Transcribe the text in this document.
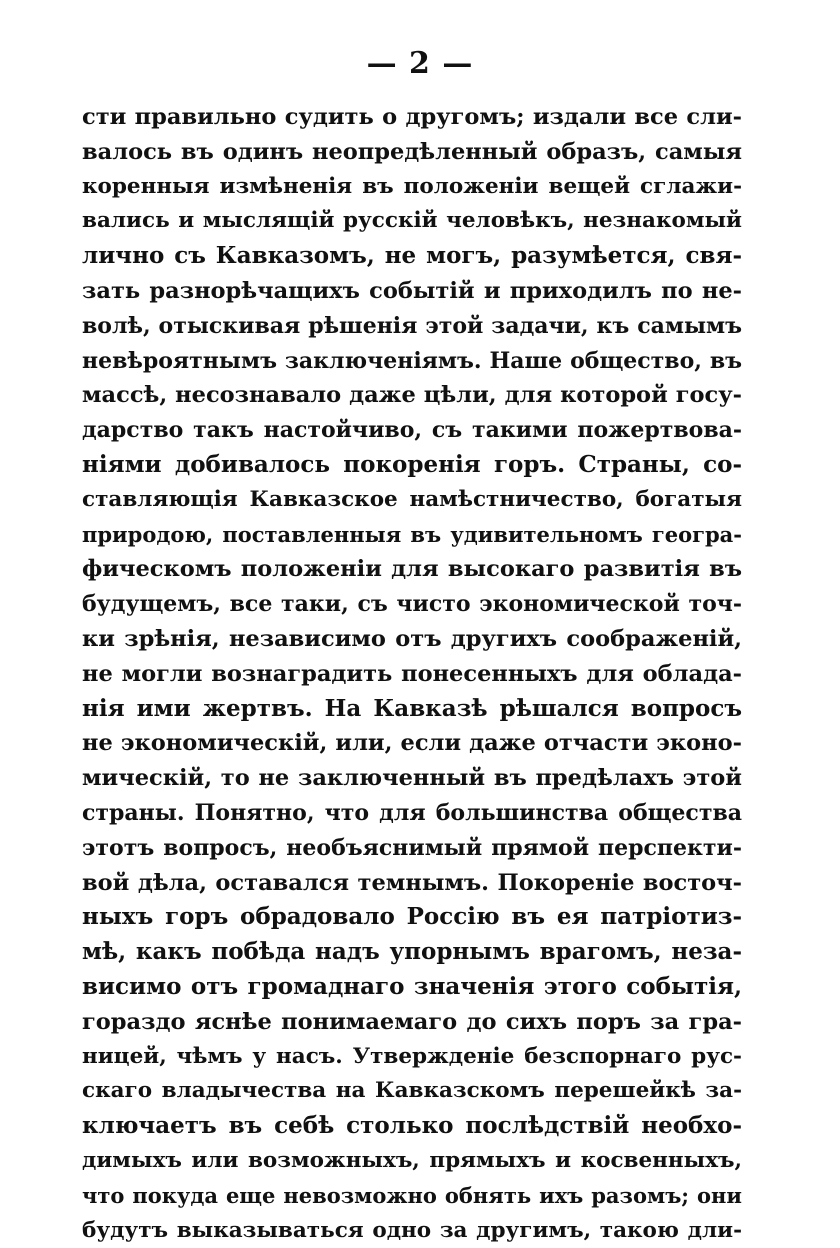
— 2 —
сти правильно судить о другомъ; издали все сли-
валось въ одинъ неопредѣленный образъ, самыя
коренныя измѣненія въ положеніи вещей сглажи-
вались и мыслящій русскій человѣкъ, незнакомый
лично съ Кавказомъ, не могъ, разумѣется, свя-
зать разнорѣчащихъ событій и приходилъ по не-
волѣ, отыскивая рѣшенія этой задачи, къ самымъ
невѣроятнымъ заключеніямъ. Наше общество, въ
массѣ, несознавало даже цѣли, для которой госу-
дарство такъ настойчиво, съ такими пожертвова-
ніями добивалось покоренія горъ. Страны, со-
ставляющія Кавказское намѣстничество, богатыя
природою, поставленныя въ удивительномъ геогра-
фическомъ положеніи для высокаго развитія въ
будущемъ, все таки, съ чисто экономической точ-
ки зрѣнія, независимо отъ другихъ соображеній,
не могли вознаградить понесенныхъ для облада-
нія ими жертвъ. На Кавказѣ рѣшался вопросъ
не экономическій, или, если даже отчасти эконо-
мическій, то не заключенный въ предѣлахъ этой
страны. Понятно, что для большинства общества
этотъ вопросъ, необъяснимый прямой перспекти-
вой дѣла, оставался темнымъ. Покореніе восточ-
ныхъ горъ обрадовало Россію въ ея патріотиз-
мѣ, какъ побѣда надъ упорнымъ врагомъ, неза-
висимо отъ громаднаго значенія этого событія,
гораздо яснѣе понимаемаго до сихъ поръ за гра-
ницей, чѣмъ у насъ. Утвержденіе безспорнаго рус-
скаго владычества на Кавказскомъ перешейкѣ за-
ключаетъ въ себѣ столько послѣдствій необхо-
димыхъ или возможныхъ, прямыхъ и косвенныхъ,
что покуда еще невозможно обнять ихъ разомъ; они
будутъ выказываться одно за другимъ, такою дли-
